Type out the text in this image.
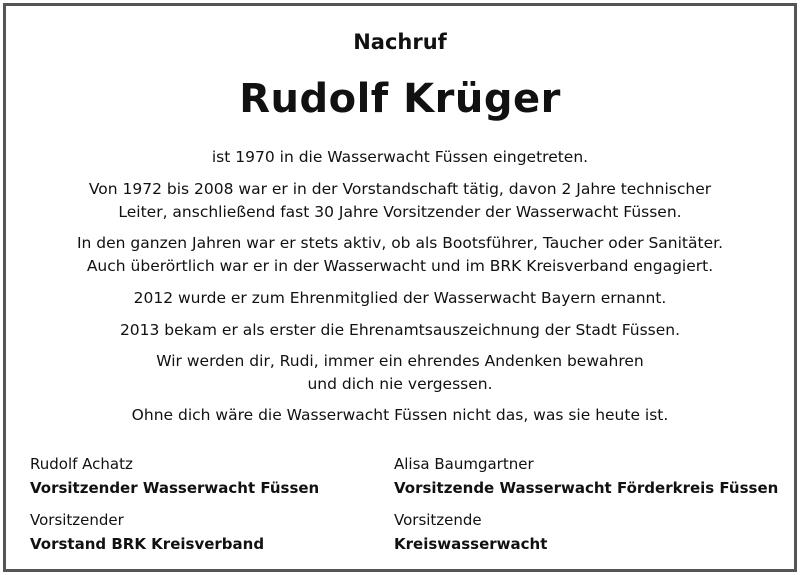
Nachruf
Rudolf Krüger
ist 1970 in die Wasserwacht Füssen eingetreten.
Von 1972 bis 2008 war er in der Vorstandschaft tätig, davon 2 Jahre technischer
Leiter, anschließend fast 30 Jahre Vorsitzender der Wasserwacht Füssen.
In den ganzen Jahren war er stets aktiv, ob als Bootsführer, Taucher oder Sanitäter.
Auch überörtlich war er in der Wasserwacht und im BRK Kreisverband engagiert.
2012 wurde er zum Ehrenmitglied der Wasserwacht Bayern ernannt.
2013 bekam er als erster die Ehrenamtsauszeichnung der Stadt Füssen.
Wir werden dir, Rudi, immer ein ehrendes Andenken bewahren
und dich nie vergessen.
Ohne dich wäre die Wasserwacht Füssen nicht das, was sie heute ist.
Rudolf Achatz
Vorsitzender Wasserwacht Füssen
Alisa Baumgartner
Vorsitzende Wasserwacht Förderkreis Füssen
Vorsitzender
Vorstand BRK Kreisverband
Vorsitzende
Kreiswasserwacht
